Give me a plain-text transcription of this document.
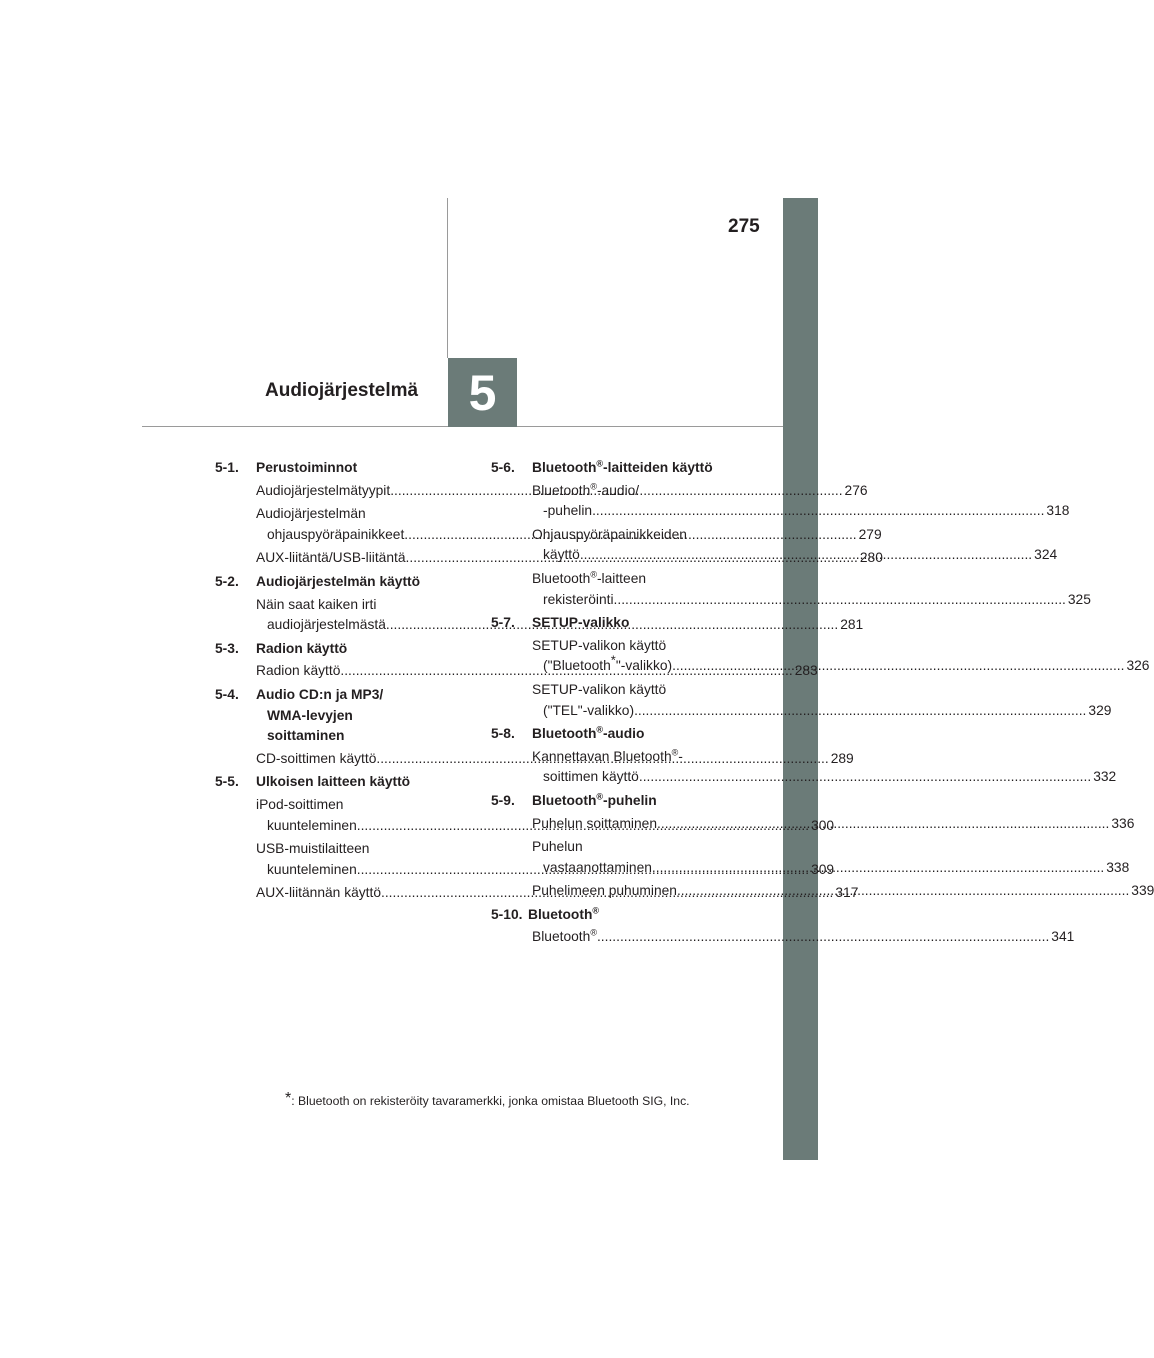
275
5
Audiojärjestelmä
5-1.	Perustoiminnot
Audiojärjestelmätyypit .....	276
Audiojärjestelmän
ohjauspyöräpainikkeet .....	279
AUX-liitäntä/USB-liitäntä .....	280
5-2.	Audiojärjestelmän käyttö
Näin saat kaiken irti
audiojärjestelmästä .....	281
5-3.	Radion käyttö
Radion käyttö .....	283
5-4.	Audio CD:n ja MP3/
WMA-levyjen
soittaminen
CD-soittimen käyttö .....	289
5-5.	Ulkoisen laitteen käyttö
iPod-soittimen
kuunteleminen .....	300
USB-muistilaitteen
kuunteleminen .....	309
AUX-liitännän käyttö .....	317
5-6.	Bluetooth®-laitteiden käyttö
Bluetooth®-audio/
-puhelin .....	318
Ohjauspyöräpainikkeiden
käyttö .....	324
Bluetooth®-laitteen
rekisteröinti .....	325
5-7.	SETUP-valikko
SETUP-valikon käyttö
("Bluetooth*"-valikko) .....	326
SETUP-valikon käyttö
("TEL"-valikko) .....	329
5-8.	Bluetooth®-audio
Kannettavan Bluetooth®-
soittimen käyttö .....	332
5-9.	Bluetooth®-puhelin
Puhelun soittaminen .....	336
Puhelun
vastaanottaminen .....	338
Puhelimeen puhuminen .....	339
5-10. Bluetooth®
Bluetooth® .....	341
*: Bluetooth on rekisteröity tavaramerkki, jonka omistaa Bluetooth SIG, Inc.
